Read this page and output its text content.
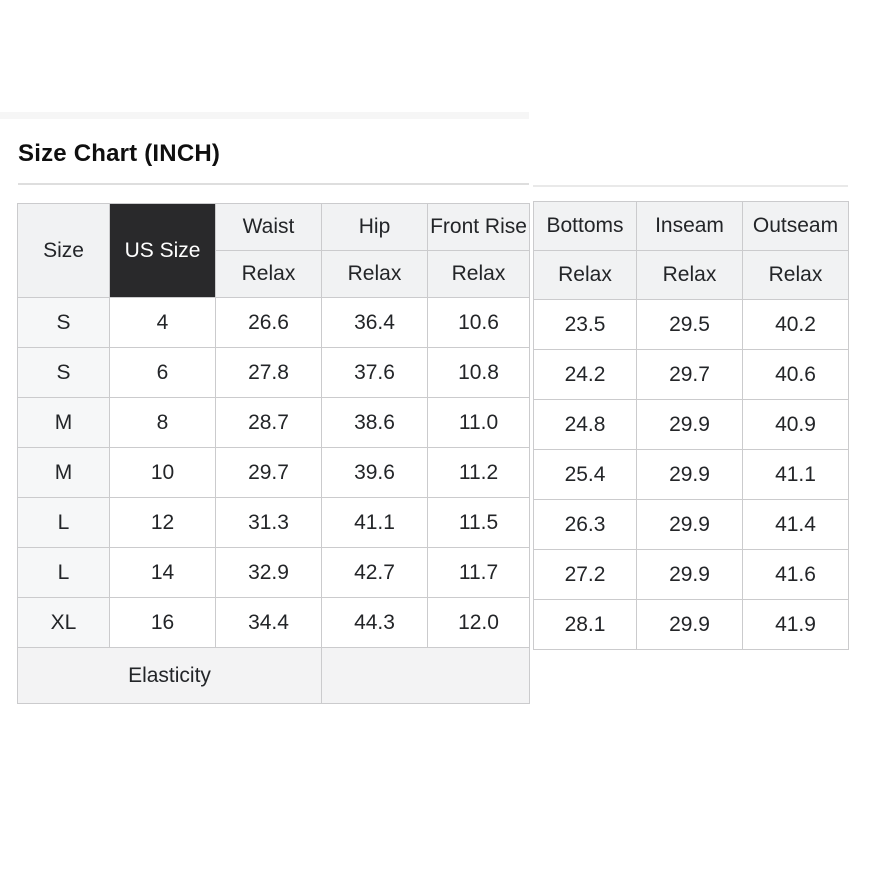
Size Chart (INCH)
Size	US Size	Waist	Hip	Front Rise
		Relax	Relax	Relax
S	4	26.6	36.4	10.6
S	6	27.8	37.6	10.8
M	8	28.7	38.6	11.0
M	10	29.7	39.6	11.2
L	12	31.3	41.1	11.5
L	14	32.9	42.7	11.7
XL	16	34.4	44.3	12.0
Elasticity				
Bottoms	Inseam	Outseam
Relax	Relax	Relax
23.5	29.5	40.2
24.2	29.7	40.6
24.8	29.9	40.9
25.4	29.9	41.1
26.3	29.9	41.4
27.2	29.9	41.6
28.1	29.9	41.9
